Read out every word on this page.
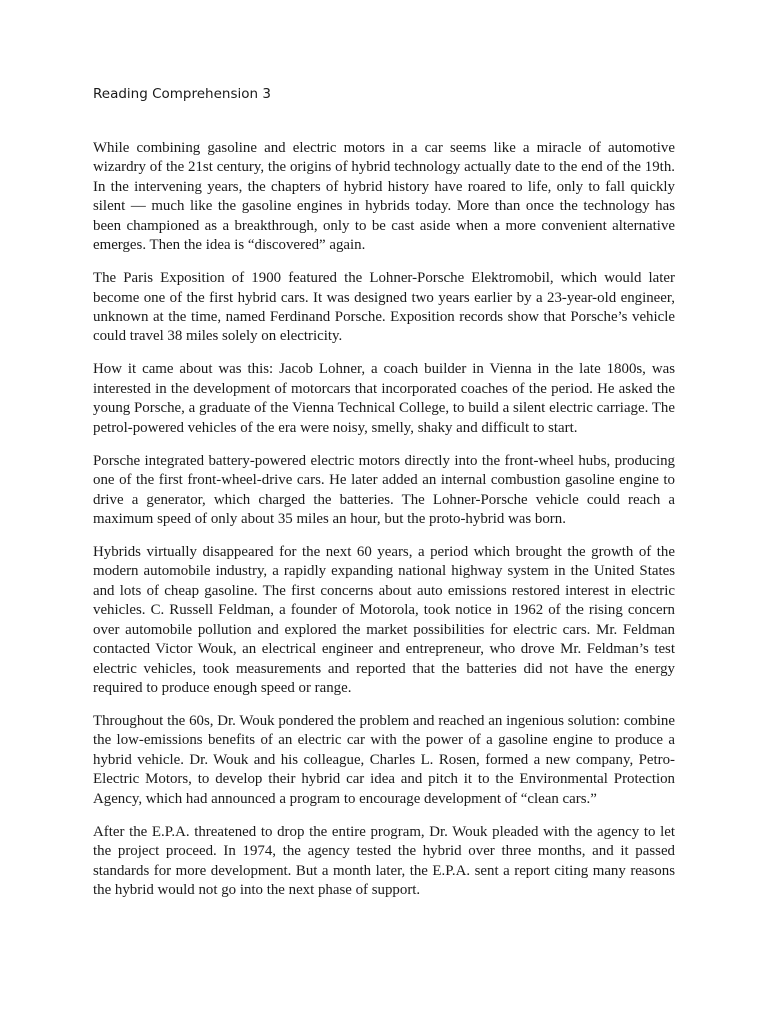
Reading Comprehension 3

While combining gasoline and electric motors in a car seems like a miracle of automotive wizardry of the 21st century, the origins of hybrid technology actually date to the end of the 19th. In the intervening years, the chapters of hybrid history have roared to life, only to fall quickly silent — much like the gasoline engines in hybrids today. More than once the technology has been championed as a breakthrough, only to be cast aside when a more convenient alternative emerges. Then the idea is “discovered” again.

The Paris Exposition of 1900 featured the Lohner-Porsche Elektromobil, which would later become one of the first hybrid cars. It was designed two years earlier by a 23-year-old engineer, unknown at the time, named Ferdinand Porsche. Exposition records show that Porsche’s vehicle could travel 38 miles solely on electricity.

How it came about was this: Jacob Lohner, a coach builder in Vienna in the late 1800s, was interested in the development of motorcars that incorporated coaches of the period. He asked the young Porsche, a graduate of the Vienna Technical College, to build a silent electric carriage. The petrol-powered vehicles of the era were noisy, smelly, shaky and difficult to start.

Porsche integrated battery-powered electric motors directly into the front-wheel hubs, producing one of the first front-wheel-drive cars. He later added an internal combustion gasoline engine to drive a generator, which charged the batteries. The Lohner-Porsche vehicle could reach a maximum speed of only about 35 miles an hour, but the proto-hybrid was born.

Hybrids virtually disappeared for the next 60 years, a period which brought the growth of the modern automobile industry, a rapidly expanding national highway system in the United States and lots of cheap gasoline. The first concerns about auto emissions restored interest in electric vehicles. C. Russell Feldman, a founder of Motorola, took notice in 1962 of the rising concern over automobile pollution and explored the market possibilities for electric cars. Mr. Feldman contacted Victor Wouk, an electrical engineer and entrepreneur, who drove Mr. Feldman’s test electric vehicles, took measurements and reported that the batteries did not have the energy required to produce enough speed or range.

Throughout the 60s, Dr. Wouk pondered the problem and reached an ingenious solution: combine the low-emissions benefits of an electric car with the power of a gasoline engine to produce a hybrid vehicle. Dr. Wouk and his colleague, Charles L. Rosen, formed a new company, Petro-Electric Motors, to develop their hybrid car idea and pitch it to the Environmental Protection Agency, which had announced a program to encourage development of “clean cars.”

After the E.P.A. threatened to drop the entire program, Dr. Wouk pleaded with the agency to let the project proceed. In 1974, the agency tested the hybrid over three months, and it passed standards for more development. But a month later, the E.P.A. sent a report citing many reasons the hybrid would not go into the next phase of support.
